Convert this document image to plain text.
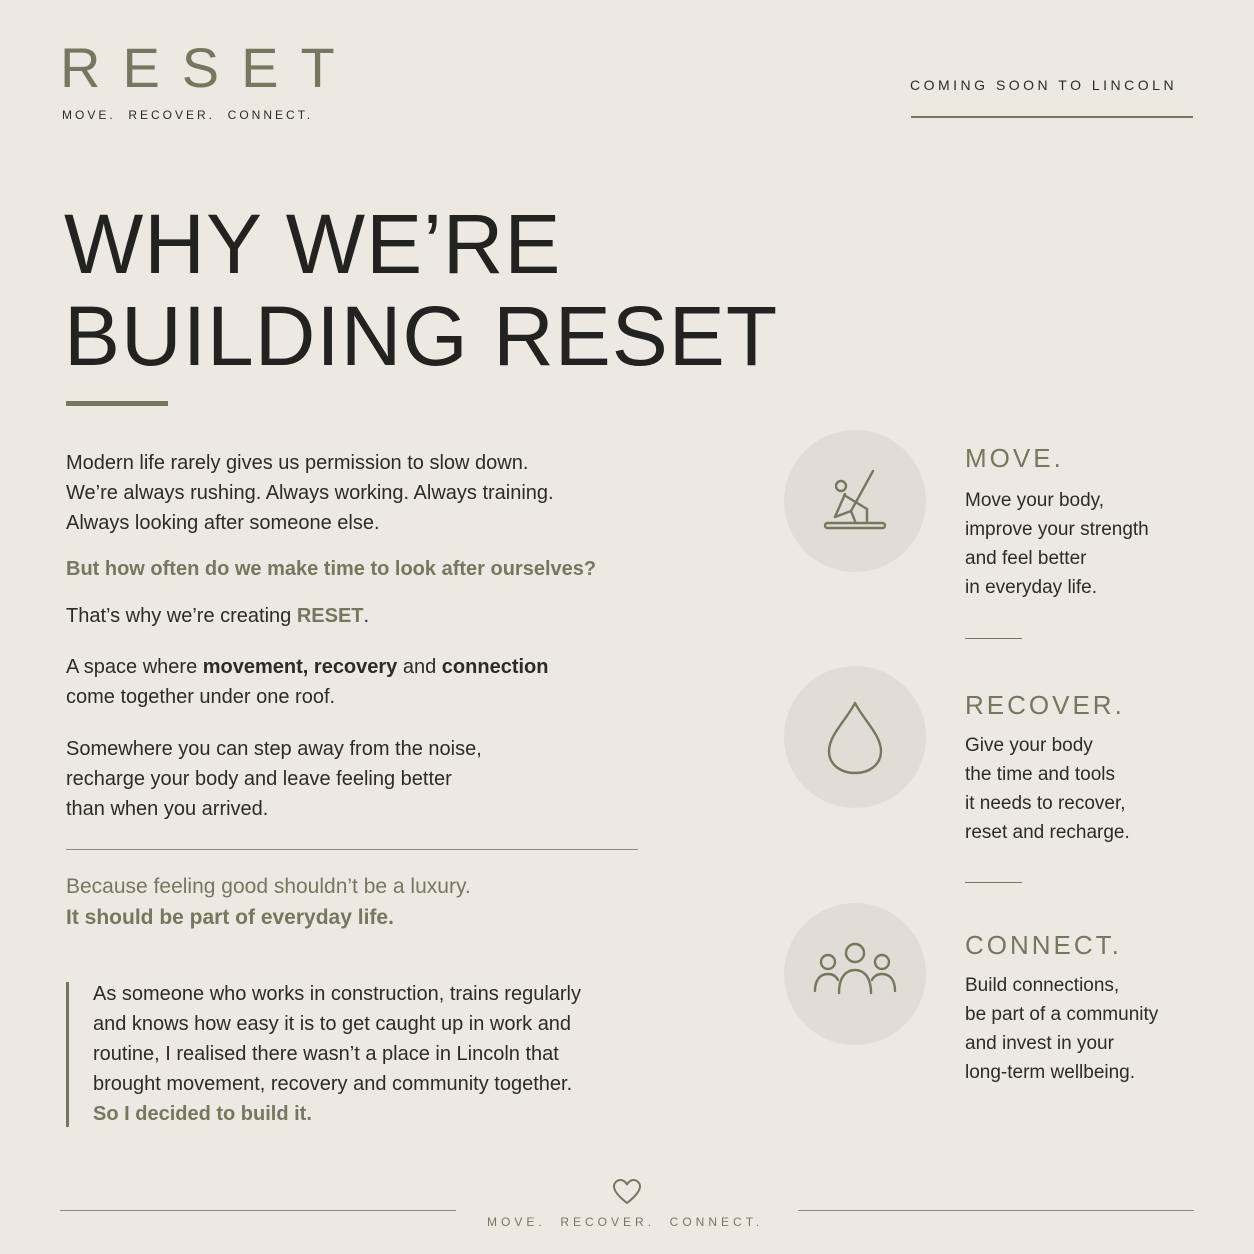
RESET
MOVE.  RECOVER.  CONNECT.
COMING SOON TO LINCOLN
WHY WE’RE
BUILDING RESET
Modern life rarely gives us permission to slow down.
We’re always rushing. Always working. Always training.
Always looking after someone else.
But how often do we make time to look after ourselves?
That’s why we’re creating RESET.
A space where movement, recovery and connection
come together under one roof.
Somewhere you can step away from the noise,
recharge your body and leave feeling better
than when you arrived.
Because feeling good shouldn’t be a luxury.
It should be part of everyday life.
As someone who works in construction, trains regularly
and knows how easy it is to get caught up in work and
routine, I realised there wasn’t a place in Lincoln that
brought movement, recovery and community together.
So I decided to build it.
MOVE.
Move your body,
improve your strength
and feel better
in everyday life.
RECOVER.
Give your body
the time and tools
it needs to recover,
reset and recharge.
CONNECT.
Build connections,
be part of a community
and invest in your
long-term wellbeing.
MOVE.  RECOVER.  CONNECT.
